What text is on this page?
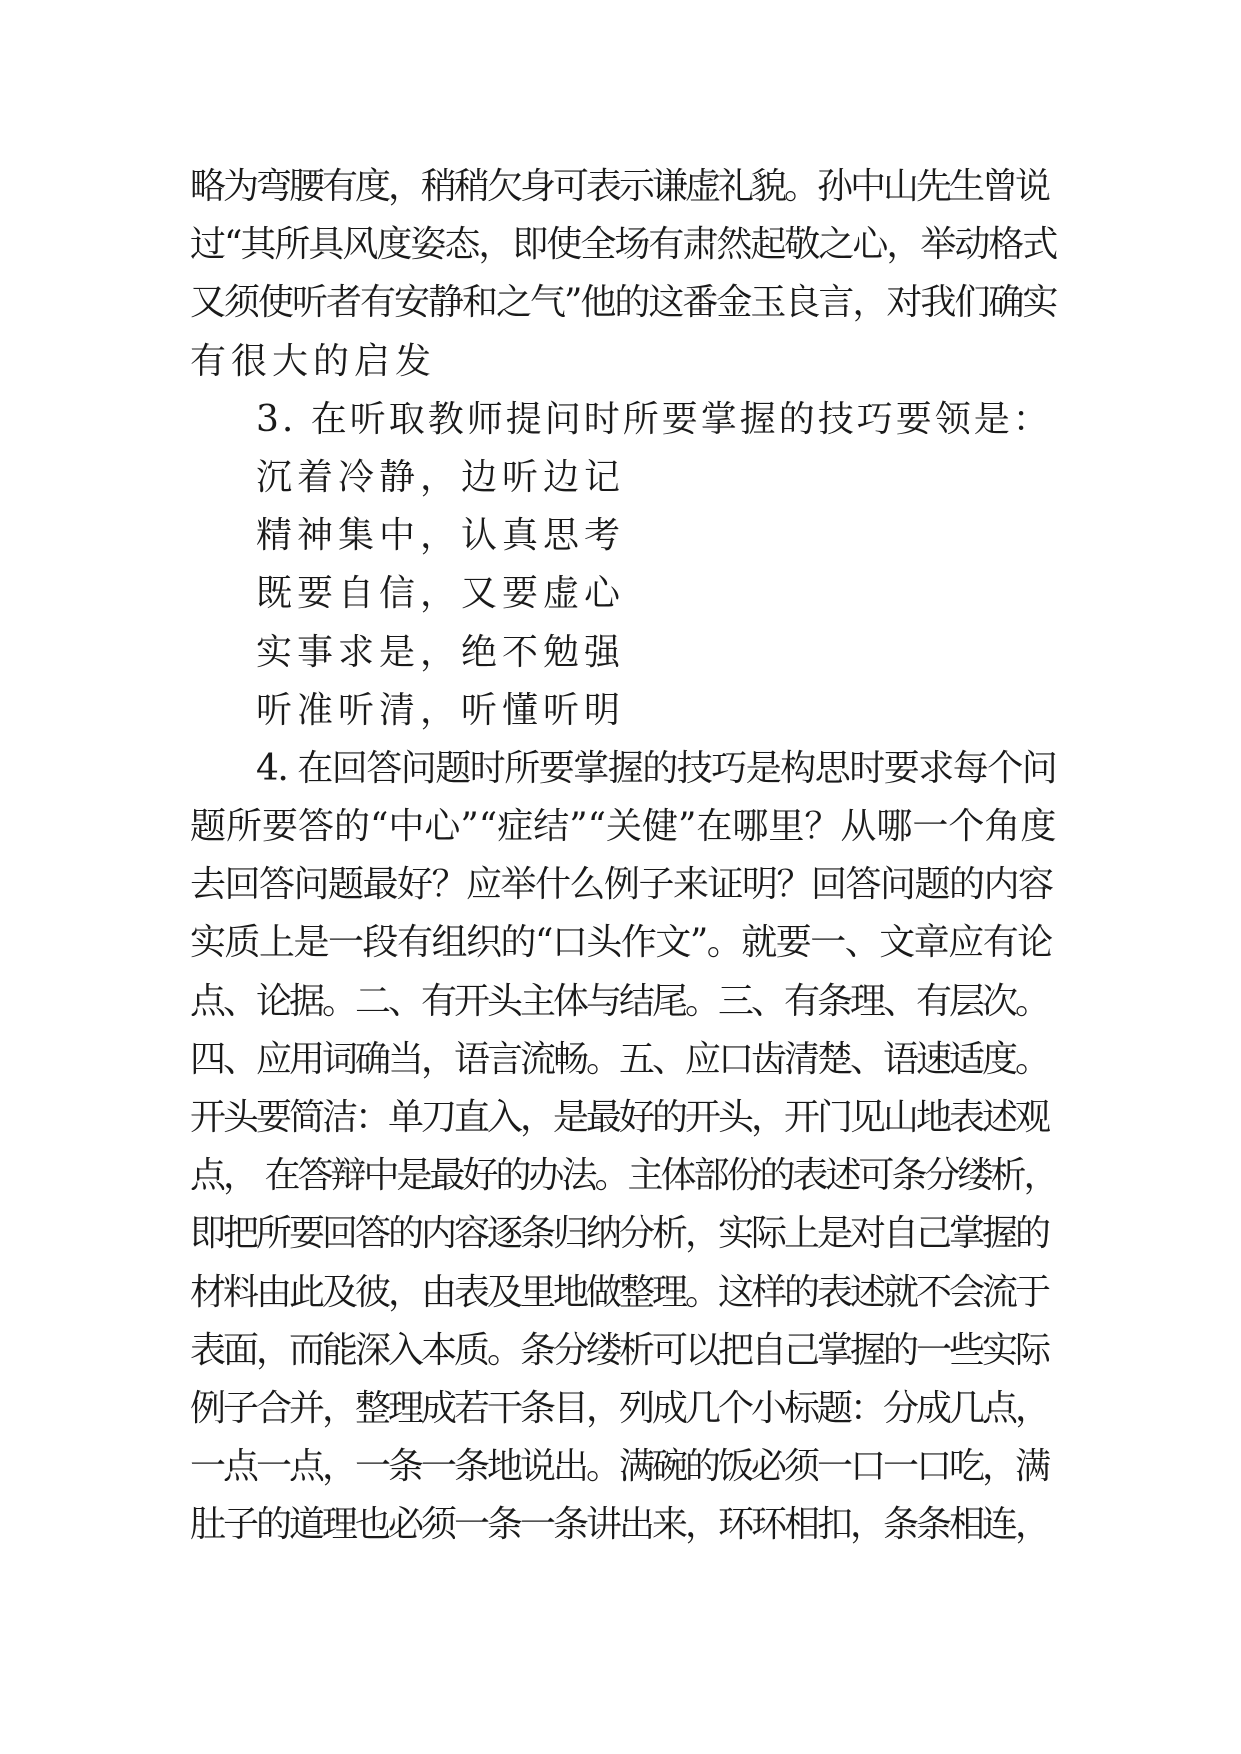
略为弯腰有度，稍稍欠身可表示谦虚礼貌。孙中山先生曾说
过“其所具风度姿态，即使全场有肃然起敬之心，举动格式
又须使听者有安静和之气”他的这番金玉良言，对我们确实
有很大的启发
3. 在听取教师提问时所要掌握的技巧要领是：
沉着冷静，边听边记
精神集中，认真思考
既要自信，又要虚心
实事求是，绝不勉强
听准听清，听懂听明
4. 在回答问题时所要掌握的技巧是构思时要求每个问
题所要答的“中心”“症结”“关健”在哪里？从哪一个角度
去回答问题最好？应举什么例子来证明？回答问题的内容
实质上是一段有组织的“口头作文”。就要一、文章应有论
点、论据。二、有开头主体与结尾。三、有条理、有层次。
四、应用词确当，语言流畅。五、应口齿清楚、语速适度。
开头要简洁：单刀直入，是最好的开头，开门见山地表述观
点， 在答辩中是最好的办法。主体部份的表述可条分缕析，
即把所要回答的内容逐条归纳分析，实际上是对自己掌握的
材料由此及彼，由表及里地做整理。这样的表述就不会流于
表面，而能深入本质。条分缕析可以把自己掌握的一些实际
例子合并，整理成若干条目，列成几个小标题：分成几点，
一点一点，一条一条地说出。满碗的饭必须一口一口吃，满
肚子的道理也必须一条一条讲出来，环环相扣，条条相连，
